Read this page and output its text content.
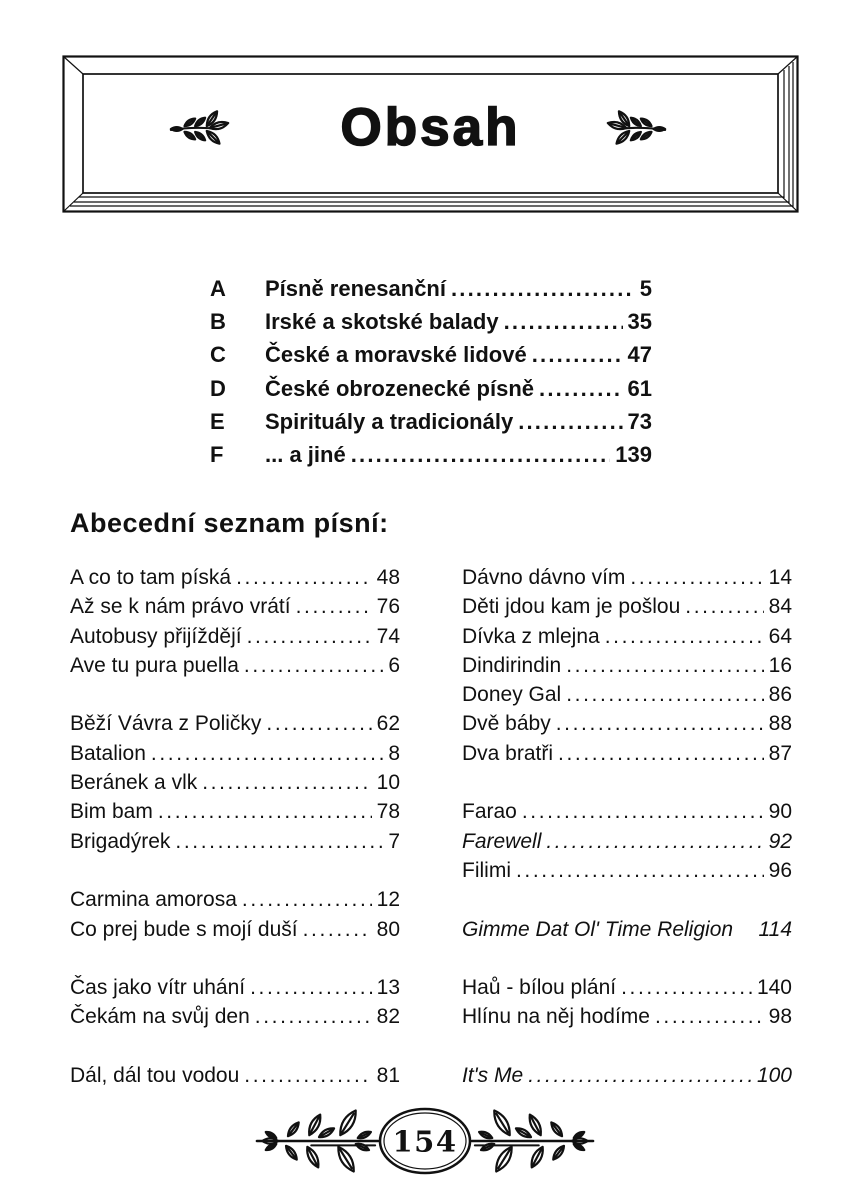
Obsah
A	Písně renesanční .....	5
B	Irské a skotské balady .....	35
C	České a moravské lidové .....	47
D	České obrozenecké písně .....	61
E	Spirituály a tradicionály .....	73
F	... a jiné .....	139
Abecední seznam písní:
A co to tam píská .....	48
Až se k nám právo vrátí .....	76
Autobusy přijíždějí .....	74
Ave tu pura puella .....	6
Běží Vávra z Poličky .....	62
Batalion .....	8
Beránek a vlk .....	10
Bim bam .....	78
Brigadýrek .....	7
Carmina amorosa .....	12
Co prej bude s mojí duší .....	80
Čas jako vítr uhání .....	13
Čekám na svůj den .....	82
Dál, dál tou vodou .....	81
Dávno dávno vím .....	14
Děti jdou kam je pošlou .....	84
Dívka z mlejna .....	64
Dindirindin .....	16
Doney Gal .....	86
Dvě báby .....	88
Dva bratři .....	87
Farao .....	90
Farewell .....	92
Filimi .....	96
Gimme Dat Ol' Time Religion 114
Haů - bílou plání .....	140
Hlínu na něj hodíme .....	98
It's Me .....	100
154
